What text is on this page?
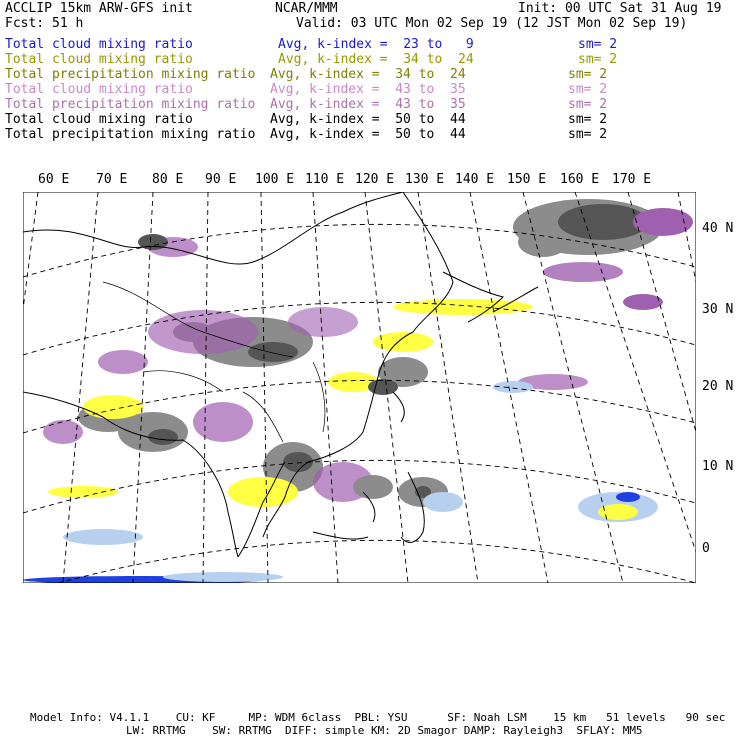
ACCLIP 15km ARW-GFS init	NCAR/MMM	Init: 00 UTC Sat 31 Aug 19
Fcst: 51 h	Valid: 03 UTC Mon 02 Sep 19 (12 JST Mon 02 Sep 19)
Total cloud mixing ratio	Avg, k-index =  23 to   9	sm= 2
Total cloud mixing ratio	Avg, k-index =  34 to  24	sm= 2
Total precipitation mixing ratio Avg, k-index =  34 to  24	sm= 2
Total cloud mixing ratio	Avg, k-index =  43 to  35	sm= 2
Total precipitation mixing ratio Avg, k-index =  43 to  35	sm= 2
Total cloud mixing ratio	Avg, k-index =  50 to  44	sm= 2
Total precipitation mixing ratio Avg, k-index =  50 to  44	sm= 2
60 E 70 E 80 E 90 E 100 E 110 E 120 E 130 E 140 E 150 E 160 E 170 E
40 N
30 N
20 N
10 N
0
Model Info: V4.1.1    CU: KF     MP: WDM 6class  PBL: YSU      SF: Noah LSM    15 km   51 levels   90 sec
LW: RRTMG    SW: RRTMG  DIFF: simple KM: 2D Smagor DAMP: Rayleigh3  SFLAY: MM5
